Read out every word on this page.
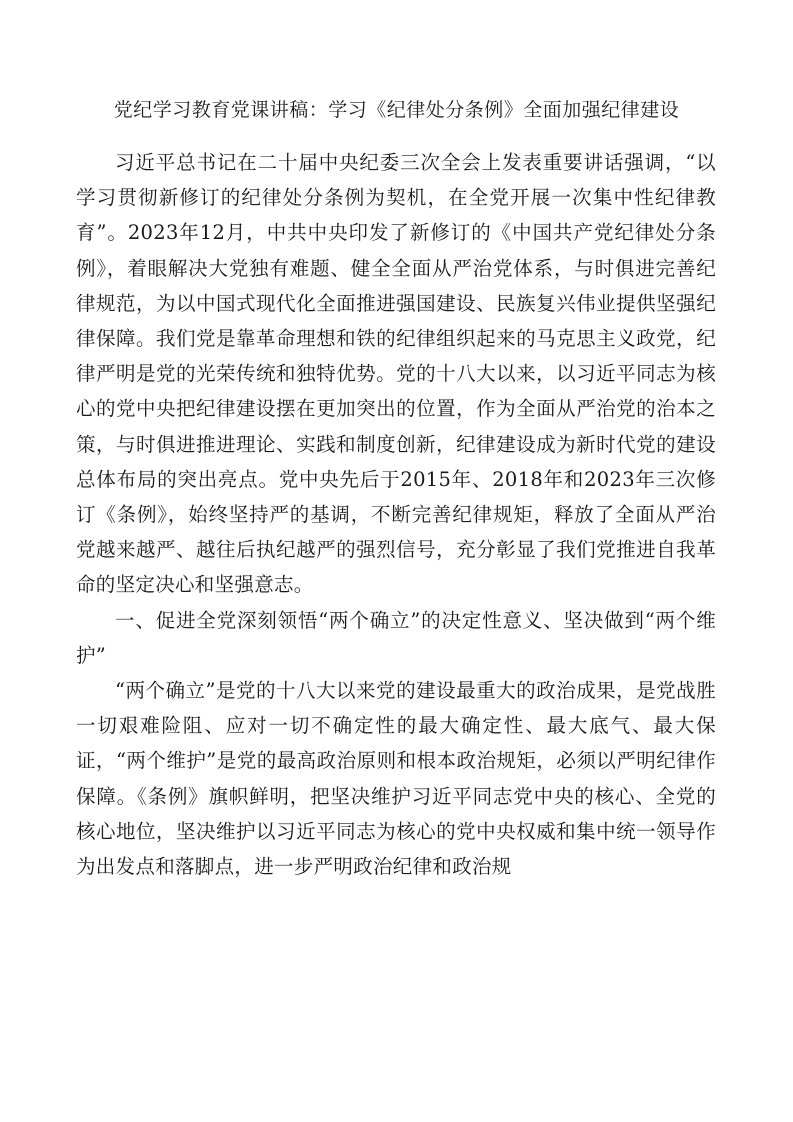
党纪学习教育党课讲稿：学习《纪律处分条例》全面加强纪律建设

习近平总书记在二十届中央纪委三次全会上发表重要讲话强调，“以学习贯彻新修订的纪律处分条例为契机，在全党开展一次集中性纪律教育”。2023年12月，中共中央印发了新修订的《中国共产党纪律处分条例》，着眼解决大党独有难题、健全全面从严治党体系，与时俱进完善纪律规范，为以中国式现代化全面推进强国建设、民族复兴伟业提供坚强纪律保障。我们党是靠革命理想和铁的纪律组织起来的马克思主义政党，纪律严明是党的光荣传统和独特优势。党的十八大以来，以习近平同志为核心的党中央把纪律建设摆在更加突出的位置，作为全面从严治党的治本之策，与时俱进推进理论、实践和制度创新，纪律建设成为新时代党的建设总体布局的突出亮点。党中央先后于2015年、2018年和2023年三次修订《条例》，始终坚持严的基调，不断完善纪律规矩，释放了全面从严治党越来越严、越往后执纪越严的强烈信号，充分彰显了我们党推进自我革命的坚定决心和坚强意志。

一、促进全党深刻领悟“两个确立”的决定性意义、坚决做到“两个维护”

“两个确立”是党的十八大以来党的建设最重大的政治成果，是党战胜一切艰难险阻、应对一切不确定性的最大确定性、最大底气、最大保证，“两个维护”是党的最高政治原则和根本政治规矩，必须以严明纪律作保障。《条例》旗帜鲜明，把坚决维护习近平同志党中央的核心、全党的核心地位，坚决维护以习近平同志为核心的党中央权威和集中统一领导作为出发点和落脚点，进一步严明政治纪律和政治规
